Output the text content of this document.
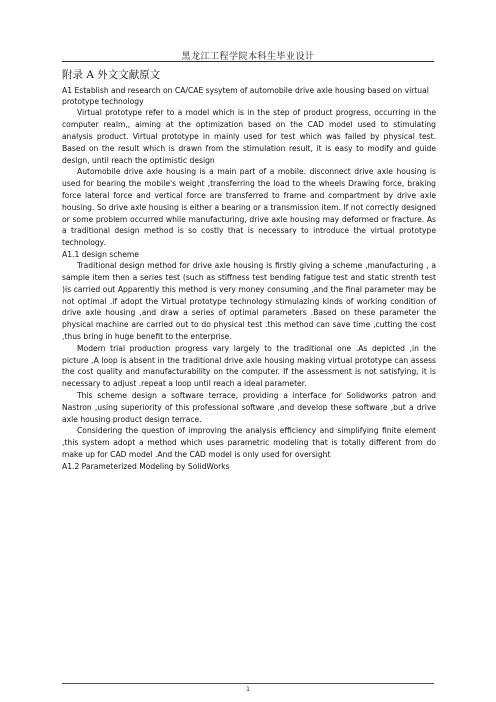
黑龙江工程学院本科生毕业设计
附录 A 外文文献原文

A1 Establish and research on CA/CAE sysytem of automobile drive axle housing based on virtual prototype technology

Virtual prototype refer to a model which is in the step of product progress, occurring in the computer realm,, aiming at the optimization based on the CAD model used to stimulating analysis product. Virtual prototype in mainly used for test which was failed by physical test. Based on the result which is drawn from the stimulation result, it is easy to modify and guide design, until reach the optimistic design

Automobile drive axle housing is a main part of a mobile. disconnect drive axle housing is used for bearing the mobile's weight ,transferring the load to the wheels Drawing force, braking force lateral force and vertical force are transferred to frame and compartment by drive axle housing. So drive axle housing is either a bearing or a transmission item. If not correctly designed or some problem occurred while manufacturing, drive axle housing may deformed or fracture. As a traditional design method is so costly that is necessary to introduce the virtual prototype technology.

A1.1 design scheme

Traditional design method for drive axle housing is firstly giving a scheme ,manufacturing , a sample item then a series test (such as stiffness test bending fatigue test and static strenth test )is carried out Apparently this method is very money consuming ,and the final parameter may be not optimal .if adopt the Virtual prototype technology stimulazing kinds of working condition of drive axle housing ,and draw a series of optimal parameters .Based on these parameter the physical machine are carried out to do physical test .this method can save time ,cutting the cost ,thus bring in huge benefit to the enterprise.

Modern trial production progress vary largely to the traditional one .As depicted ,in the picture ,A loop is absent in the traditional drive axle housing making virtual prototype can assess the cost quality and manufacturability on the computer. If the assessment is not satisfying, it is necessary to adjust .repeat a loop until reach a ideal parameter.

This scheme design a software terrace, providing a interface for Solidworks patron and Nastron ,using superiority of this professional software ,and develop these software ,but a drive axle housing product design terrace.

Considering the question of improving the analysis efficiency and simplifying finite element ,this system adopt a method which uses parametric modeling that is totally different from do make up for CAD model .And the CAD model is only used for oversight

A1.2 Parameterized Modeling by SolidWorks

1
